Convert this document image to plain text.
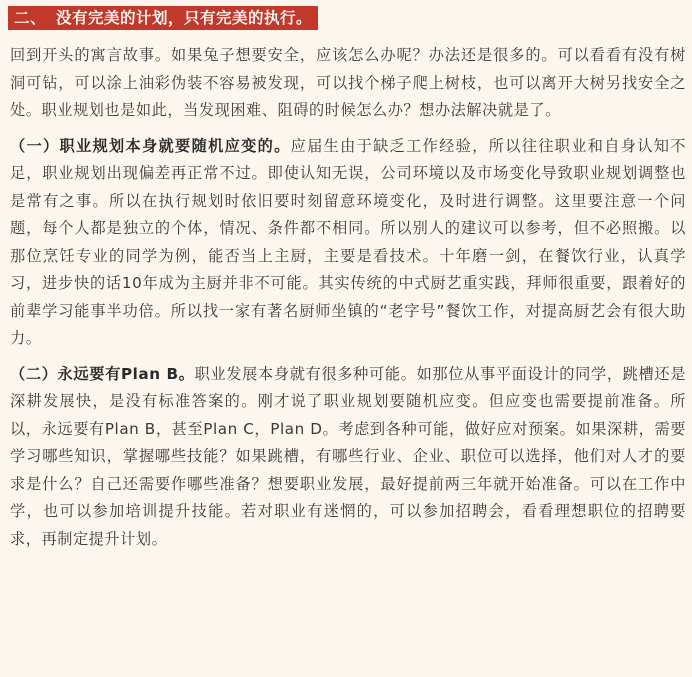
二、 没有完美的计划，只有完美的执行。

回到开头的寓言故事。如果兔子想要安全，应该怎么办呢？办法还是很多的。可以看看有没有树洞可钻，可以涂上油彩伪装不容易被发现，可以找个梯子爬上树枝，也可以离开大树另找安全之处。职业规划也是如此，当发现困难、阻碍的时候怎么办？想办法解决就是了。

（一）职业规划本身就要随机应变的。应届生由于缺乏工作经验，所以往往职业和自身认知不足，职业规划出现偏差再正常不过。即使认知无误，公司环境以及市场变化导致职业规划调整也是常有之事。所以在执行规划时依旧要时刻留意环境变化，及时进行调整。这里要注意一个问题，每个人都是独立的个体，情况、条件都不相同。所以别人的建议可以参考，但不必照搬。以那位烹饪专业的同学为例，能否当上主厨，主要是看技术。十年磨一剑，在餐饮行业，认真学习，进步快的话10年成为主厨并非不可能。其实传统的中式厨艺重实践，拜师很重要，跟着好的前辈学习能事半功倍。所以找一家有著名厨师坐镇的“老字号”餐饮工作，对提高厨艺会有很大助力。

（二）永远要有Plan B。职业发展本身就有很多种可能。如那位从事平面设计的同学，跳槽还是深耕发展快，是没有标准答案的。刚才说了职业规划要随机应变。但应变也需要提前准备。所以，永远要有Plan B，甚至Plan C，Plan D。考虑到各种可能，做好应对预案。如果深耕，需要学习哪些知识，掌握哪些技能？如果跳槽，有哪些行业、企业、职位可以选择，他们对人才的要求是什么？自己还需要作哪些准备？想要职业发展，最好提前两三年就开始准备。可以在工作中学，也可以参加培训提升技能。若对职业有迷惘的，可以参加招聘会，看看理想职位的招聘要求，再制定提升计划。
